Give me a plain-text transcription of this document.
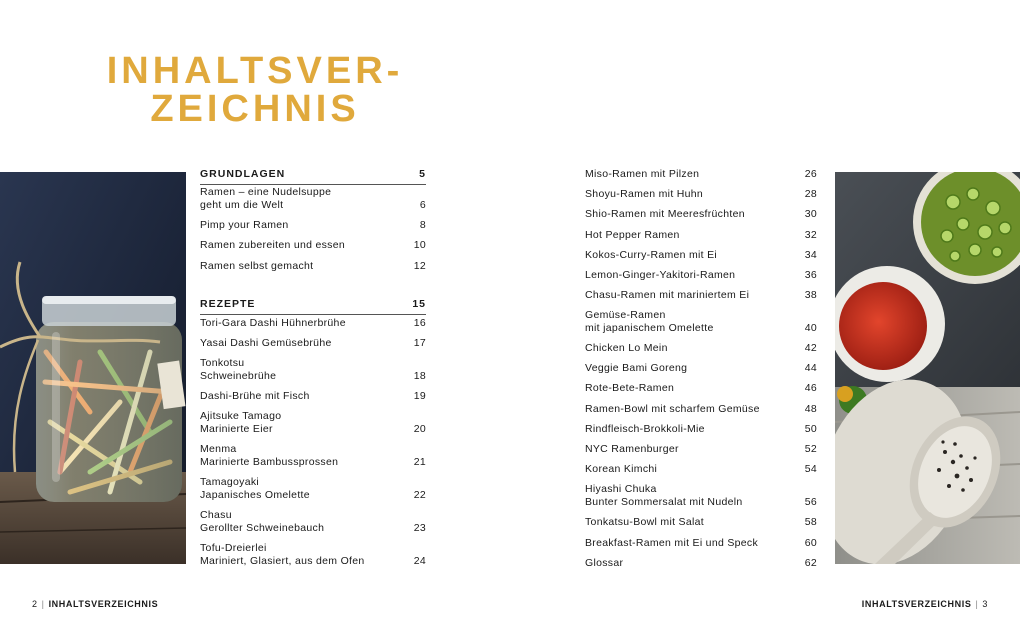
INHALTSVER-
ZEICHNIS
GRUNDLAGEN	5
Ramen – eine Nudelsuppe
geht um die Welt	6
Pimp your Ramen	8
Ramen zubereiten und essen	10
Ramen selbst gemacht	12
REZEPTE	15
Tori-Gara Dashi Hühnerbrühe	16
Yasai Dashi Gemüsebrühe	17
Tonkotsu
Schweinebrühe	18
Dashi-Brühe mit Fisch	19
Ajitsuke Tamago
Marinierte Eier	20
Menma
Marinierte Bambussprossen	21
Tamagoyaki
Japanisches Omelette	22
Chasu
Gerollter Schweinebauch	23
Tofu-Dreierlei
Mariniert, Glasiert, aus dem Ofen	24
Miso-Ramen mit Pilzen	26
Shoyu-Ramen mit Huhn	28
Shio-Ramen mit Meeresfrüchten	30
Hot Pepper Ramen	32
Kokos-Curry-Ramen mit Ei	34
Lemon-Ginger-Yakitori-Ramen	36
Chasu-Ramen mit mariniertem Ei	38
Gemüse-Ramen
mit japanischem Omelette	40
Chicken Lo Mein	42
Veggie Bami Goreng	44
Rote-Bete-Ramen	46
Ramen-Bowl mit scharfem Gemüse	48
Rindfleisch-Brokkoli-Mie	50
NYC Ramenburger	52
Korean Kimchi	54
Hiyashi Chuka
Bunter Sommersalat mit Nudeln	56
Tonkatsu-Bowl mit Salat	58
Breakfast-Ramen mit Ei und Speck	60
Glossar	62
2 | INHALTSVERZEICHNIS	INHALTSVERZEICHNIS | 3
